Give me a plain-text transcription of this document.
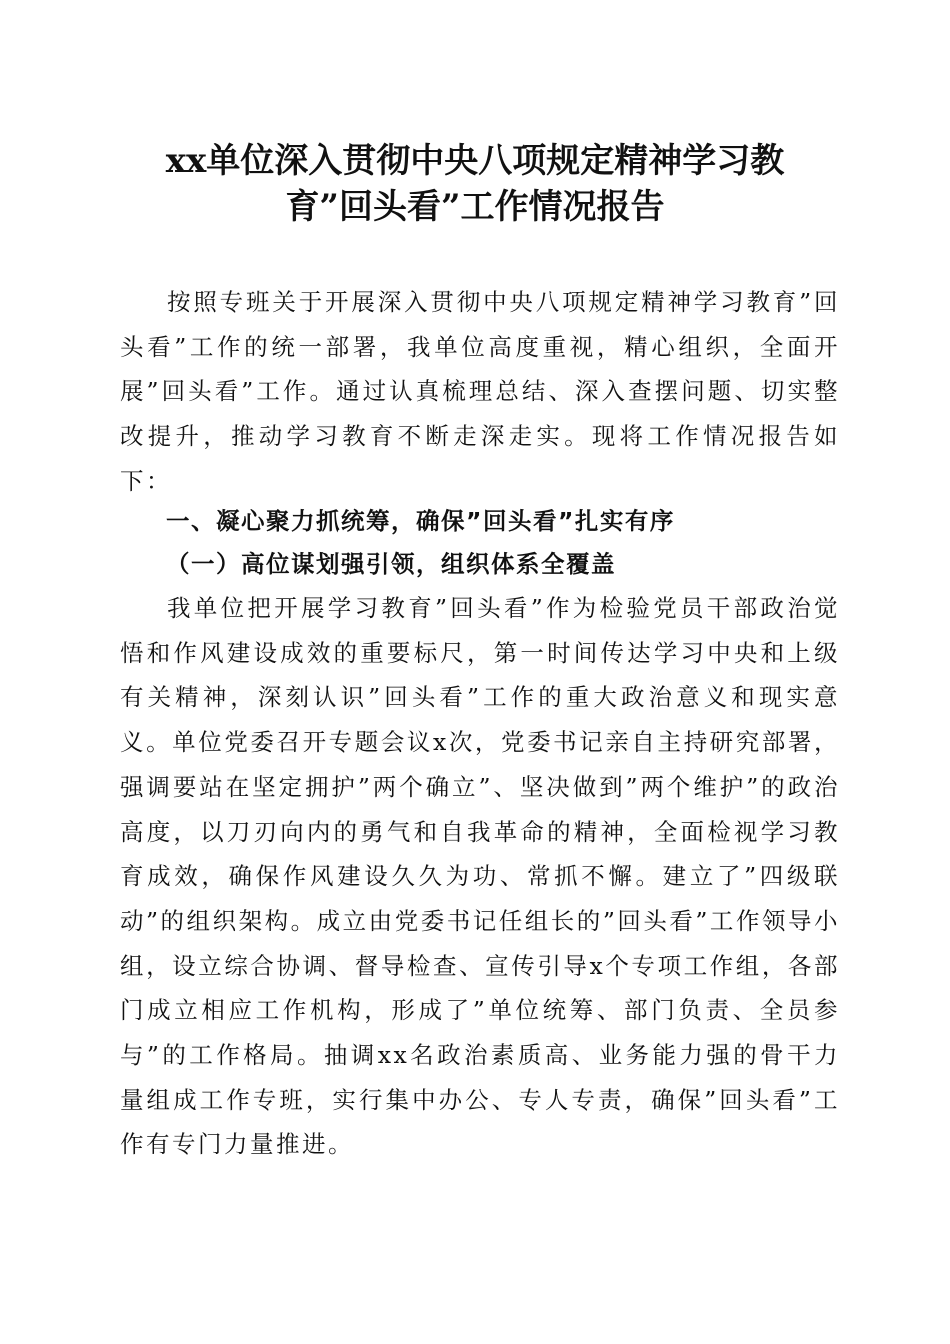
xx单位深入贯彻中央八项规定精神学习教
育”回头看”工作情况报告

按照专班关于开展深入贯彻中央八项规定精神学习教育”回头看”工作的统一部署，我单位高度重视，精心组织，全面开展”回头看”工作。通过认真梳理总结、深入查摆问题、切实整改提升，推动学习教育不断走深走实。现将工作情况报告如下：

一、凝心聚力抓统筹，确保”回头看”扎实有序
（一）高位谋划强引领，组织体系全覆盖

我单位把开展学习教育”回头看”作为检验党员干部政治觉悟和作风建设成效的重要标尺，第一时间传达学习中央和上级有关精神，深刻认识”回头看”工作的重大政治意义和现实意义。单位党委召开专题会议x次，党委书记亲自主持研究部署，强调要站在坚定拥护”两个确立”、坚决做到”两个维护”的政治高度，以刀刃向内的勇气和自我革命的精神，全面检视学习教育成效，确保作风建设久久为功、常抓不懈。建立了”四级联动”的组织架构。成立由党委书记任组长的”回头看”工作领导小组，设立综合协调、督导检查、宣传引导x个专项工作组，各部门成立相应工作机构，形成了”单位统筹、部门负责、全员参与”的工作格局。抽调xx名政治素质高、业务能力强的骨干力量组成工作专班，实行集中办公、专人专责，确保”回头看”工作有专门力量推进。
